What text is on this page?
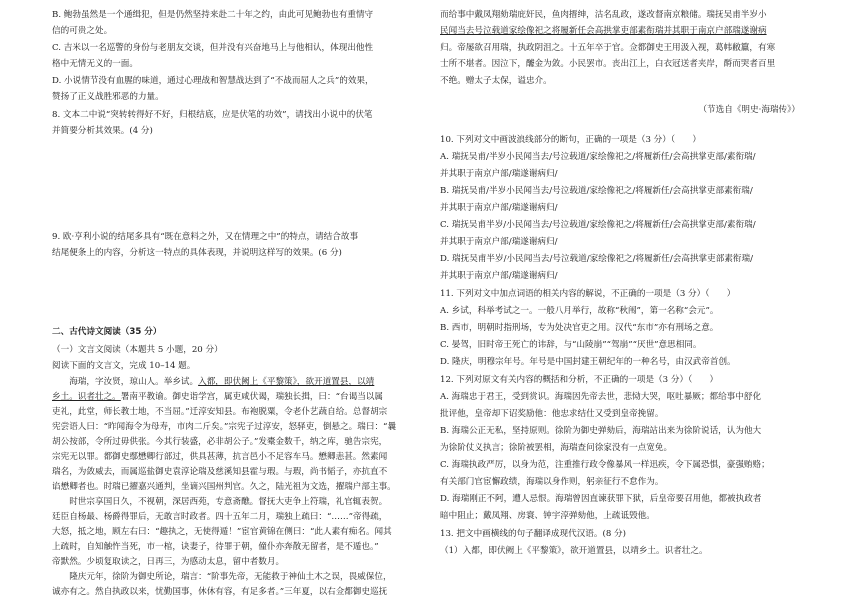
B. 鲍勃虽然是一个通缉犯，但是仍然坚持来赴二十年之约，由此可见鲍勃也有重情守

信的可贵之处。

C. 吉米以一名巡警的身份与老朋友交谈，但并没有兴奋地马上与他相认，体现出他性

格中无情无义的一面。

D. 小说情节没有血腥的味道，通过心理战和智慧战达到了“不战而屈人之兵”的效果，

赞扬了正义战胜邪恶的力量。

8. 文本二中说“突转转得好不好，归根结底，应是伏笔的功效”，请找出小说中的伏笔

并简要分析其效果。(4 分)

9. 欧·亨利小说的结尾多具有“既在意料之外，又在情理之中”的特点，请结合故事

结尾便条上的内容，分析这一特点的具体表现，并说明这样写的效果。(6 分)

二、古代诗文阅读（35 分）

（一）文言文阅读（本题共 5 小题，20 分）

阅读下面的文言文，完成 10–14 题。

　　海瑞，字汝贤，琼山人。举乡试。入都，即伏阙上《平黎策》，欲开道置县，以靖

乡土。识者壮之。署南平教谕。御史诣学宫，属吏咸伏谒，瑞独长揖，曰：“台谒当以属

吏礼，此堂，师长教士地，不当屈。”迁淳安知县。布袍脱粟，令老仆艺蔬自给。总督胡宗

宪尝语人曰：“昨闻海令为母寿，市肉二斤矣。”宗宪子过淳安，怒驿吏，倒悬之。瑞曰：“曩

胡公按部，令所过毋供张。今其行装盛，必非胡公子。”发橐金数千，纳之库，驰告宗宪，

宗宪无以罪。都御史鄢懋卿行部过，供具甚薄，抗言邑小不足容车马。懋卿恚甚。然素闻

瑞名，为敛威去，而属巡盐御史袁淳论瑞及慈溪知县霍与瑕。与瑕，尚书韬子，亦抗直不

谄懋卿者也。时瑞已擢嘉兴通判，坐谪兴国州判官。久之，陆光祖为文选，擢瑞户部主事。

　　时世宗享国日久，不视朝，深居西苑，专意斋醮。督抚大吏争上符瑞，礼官辄表贺。

廷臣自杨最、杨爵得罪后，无敢言时政者。四十五年二月，瑞独上疏曰：“……”帝得疏，

大怒，抵之地，顾左右曰：“趣执之，无使得遁！”宦官黄锦在侧曰：“此人素有痴名。闻其

上疏时，自知触忤当死，市一棺，诀妻子，待罪于朝，僮仆亦奔散无留者，是不遁也。”

帝默然。少顷复取读之，日再三，为感动太息，留中者数月。

　　隆庆元年，徐阶为御史所论，瑞言：“阶事先帝，无能救于神仙土木之误，畏威保位，

诚亦有之。然自执政以来，忧勤国事，休休有容，有足多者。”三年夏，以右佥都御史巡抚

而给事中戴凤翔劾瑞庇奸民，鱼肉搢绅，沽名乱政，遂改督南京粮储。瑞抚吴甫半岁小

民闻当去号泣载道家绘像祀之将履新任会高拱掌吏部素衔瑞并其职于南京户部瑞遂谢病

归。帝屡欲召用瑞，执政阴沮之。十五年卒于官。佥都御史王用汲入视，葛帏敝籝，有寒

士所不堪者。因泣下，醵金为敛。小民罢市。丧出江上，白衣冠送者夹岸，酹而哭者百里

不绝。赠太子太保，谥忠介。

（节选自《明史·海瑞传》）

10. 下列对文中画波浪线部分的断句，正确的一项是（3 分）（　　）

A. 瑞抚吴甫/半岁小民闻当去/号泣载道/家绘像祀之/将履新任/会高拱掌吏部/素衔瑞/

并其职于南京户部/瑞遂谢病归/

B. 瑞抚吴甫/半岁小民闻当去/号泣载道/家绘像祀之/将履新任/会高拱掌吏部素衔瑞/

并其职于南京户部/瑞遂谢病归/

C. 瑞抚吴甫半岁/小民闻当去/号泣载道/家绘像祀之/将履新任/会高拱掌吏部/素衔瑞/

并其职于南京户部/瑞遂谢病归/

D. 瑞抚吴甫半岁/小民闻当去/号泣载道/家绘像祀之/将履新任/会高拱掌吏部素衔瑞/

并其职于南京户部/瑞遂谢病归/

11. 下列对文中加点词语的相关内容的解说，不正确的一项是（3 分）（　　）

A. 乡试，科举考试之一。一般八月举行，故称“秋闱”，第一名称“会元”。

B. 西市，明朝时指刑场，专为处决官吏之用。汉代“东市”亦有刑场之意。

C. 晏驾，旧时帝王死亡的讳辞，与“山陵崩”“驾崩”“厌世”意思相同。

D. 隆庆，明穆宗年号。年号是中国封建王朝纪年的一种名号，由汉武帝首创。

12. 下列对原文有关内容的概括和分析，不正确的一项是（3 分）（　　）

A. 海瑞忠于君王，受到赏识。海瑞因先帝去世，悲恸大哭，呕吐暴厥；都给事中舒化

批评他，皇帝却下诏奖励他：他忠求结仕又受到皇帝挽留。

B. 海瑞公正无私，坚持原则。徐阶为御史弹劾后，海瑞站出来为徐阶说话，认为他大

为徐阶仗义执言；徐阶被罢相，海瑞查问徐家没有一点宽免。

C. 海瑞执政严厉，以身为范，注重推行政令像暴风一样迅疾，令下属恐惧，豪强贿赂；

有关部门官宦懈政绩，海瑞以身作则，躬亲征行不怠作为。

D. 海瑞刚正不阿，遭人忌恨。海瑞曾因直谏获罪下狱，后皇帝要召用他，都被执政者

暗中阻止；戴凤翔、房寰、钟宇淳弹劾他，上疏诋毁他。

13. 把文中画横线的句子翻译成现代汉语。(8 分)

（1）入都，即伏阙上《平黎策》，欲开道置县，以靖乡土。识者壮之。
